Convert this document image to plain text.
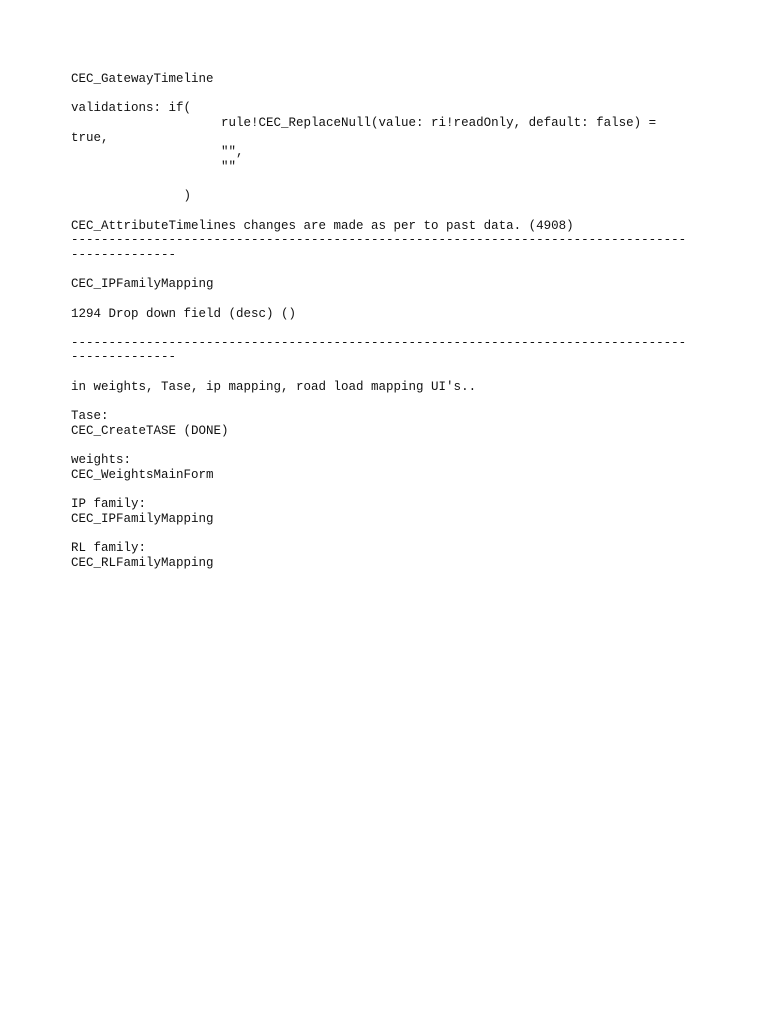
CEC_GatewayTimeline
validations: if(
rule!CEC_ReplaceNull(value: ri!readOnly, default: false) =
true,
"",
""
)
CEC_AttributeTimelines changes are made as per to past data. (4908)
----------------------------------------------------------------------------------
--------------
CEC_IPFamilyMapping
1294 Drop down field (desc) ()
----------------------------------------------------------------------------------
--------------
in weights, Tase, ip mapping, road load mapping UI's..
Tase:
CEC_CreateTASE (DONE)
weights:
CEC_WeightsMainForm
IP family:
CEC_IPFamilyMapping
RL family:
CEC_RLFamilyMapping
